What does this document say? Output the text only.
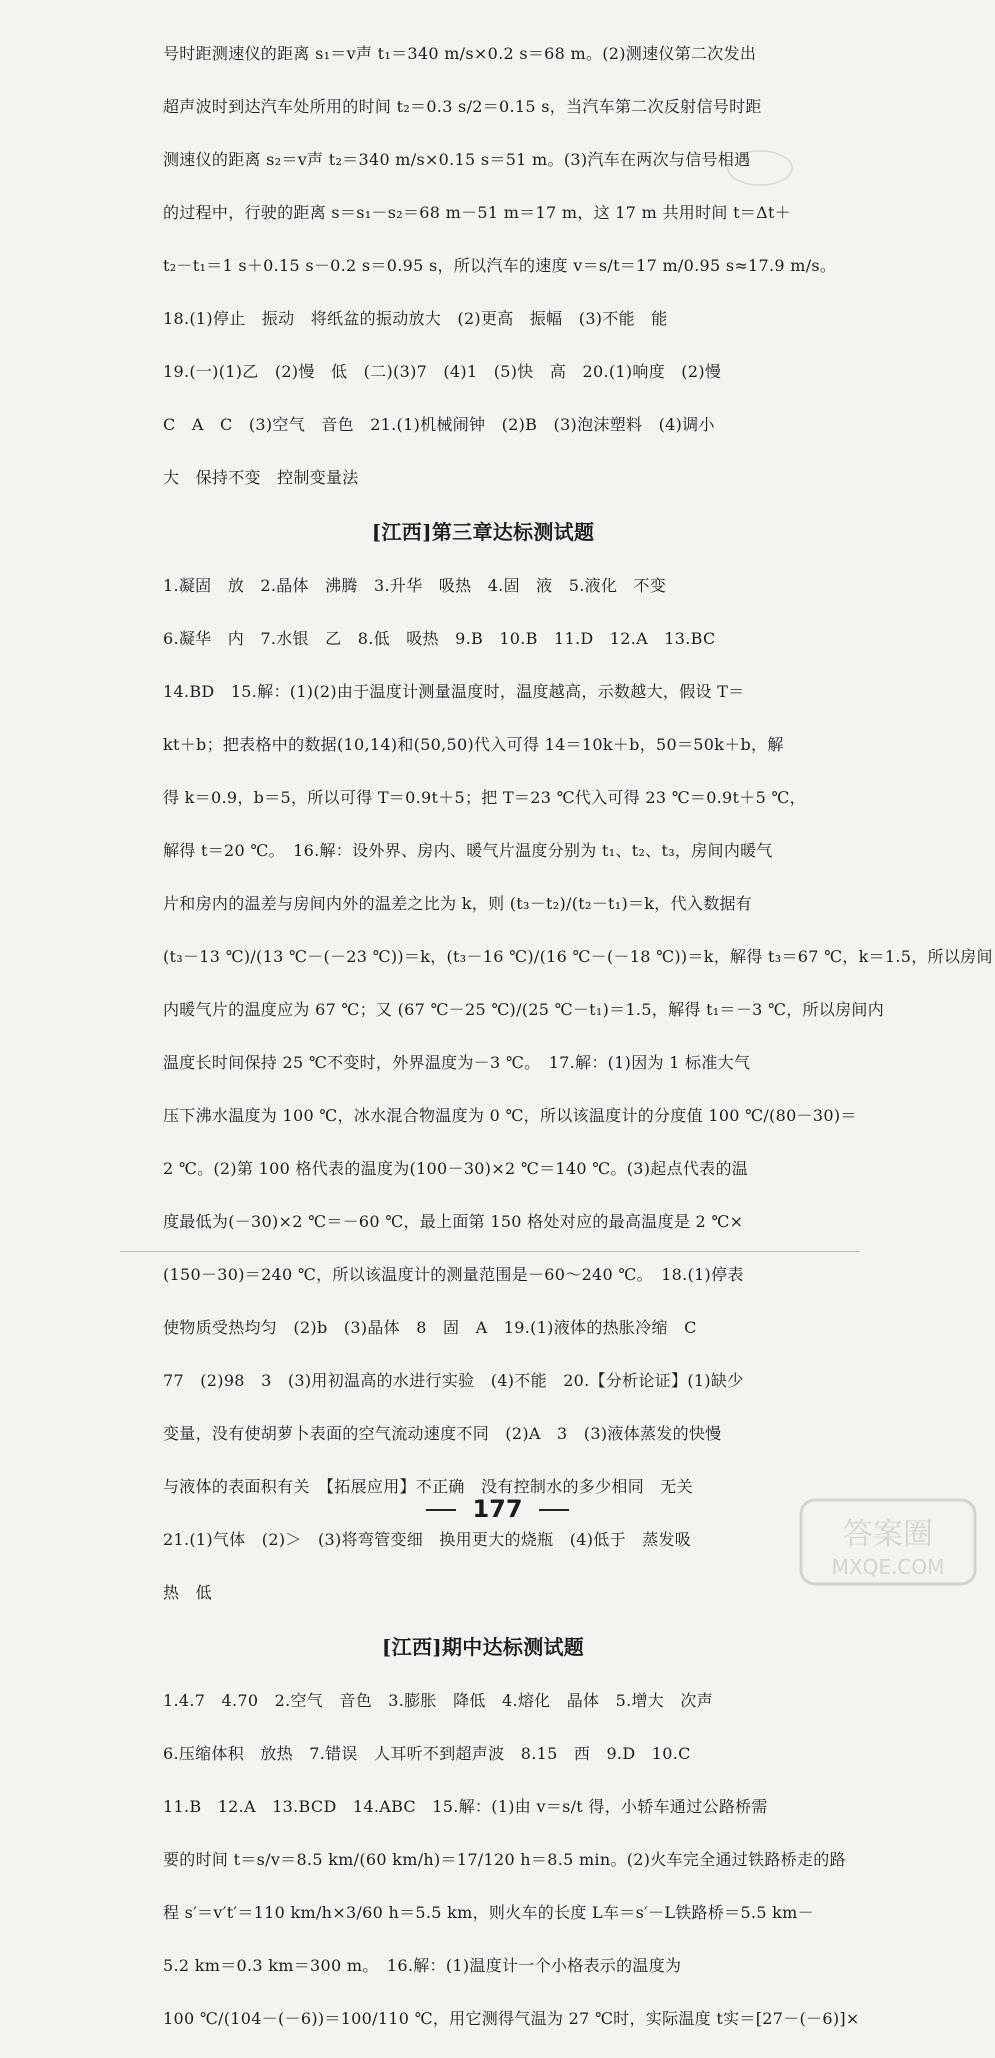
号时距测速仪的距离 s₁＝v声 t₁＝340 m/s×0.2 s＝68 m。(2)测速仪第二次发出
超声波时到达汽车处所用的时间 t₂＝0.3 s/2＝0.15 s，当汽车第二次反射信号时距
测速仪的距离 s₂＝v声 t₂＝340 m/s×0.15 s＝51 m。(3)汽车在两次与信号相遇
的过程中，行驶的距离 s＝s₁－s₂＝68 m－51 m＝17 m，这 17 m 共用时间 t＝Δt＋
t₂－t₁＝1 s＋0.15 s－0.2 s＝0.95 s，所以汽车的速度 v＝s/t＝17 m/0.95 s≈17.9 m/s。
18.(1)停止　振动　将纸盆的振动放大　(2)更高　振幅　(3)不能　能
19.(一)(1)乙　(2)慢　低　(二)(3)7　(4)1　(5)快　高　20.(1)响度　(2)慢
C　A　C　(3)空气　音色　21.(1)机械闹钟　(2)B　(3)泡沫塑料　(4)调小
大　保持不变　控制变量法
[江西]第三章达标测试题
1.凝固　放　2.晶体　沸腾　3.升华　吸热　4.固　液　5.液化　不变
6.凝华　内　7.水银　乙　8.低　吸热　9.B　10.B　11.D　12.A　13.BC
14.BD　15.解：(1)(2)由于温度计测量温度时，温度越高，示数越大，假设 T＝
kt＋b；把表格中的数据(10,14)和(50,50)代入可得 14＝10k＋b，50＝50k＋b，解
得 k＝0.9，b＝5，所以可得 T＝0.9t＋5；把 T＝23 ℃代入可得 23 ℃＝0.9t＋5 ℃，
解得 t＝20 ℃。　16.解：设外界、房内、暖气片温度分别为 t₁、t₂、t₃，房间内暖气
片和房内的温差与房间内外的温差之比为 k，则 (t₃－t₂)/(t₂－t₁)＝k，代入数据有
(t₃－13 ℃)/(13 ℃－(－23 ℃))＝k，(t₃－16 ℃)/(16 ℃－(－18 ℃))＝k，解得 t₃＝67 ℃，k＝1.5，所以房间
内暖气片的温度应为 67 ℃；又 (67 ℃－25 ℃)/(25 ℃－t₁)＝1.5，解得 t₁＝－3 ℃，所以房间内
温度长时间保持 25 ℃不变时，外界温度为－3 ℃。　17.解：(1)因为 1 标准大气
压下沸水温度为 100 ℃，冰水混合物温度为 0 ℃，所以该温度计的分度值 100 ℃/(80－30)＝
2 ℃。(2)第 100 格代表的温度为(100－30)×2 ℃＝140 ℃。(3)起点代表的温
度最低为(－30)×2 ℃＝－60 ℃，最上面第 150 格处对应的最高温度是 2 ℃×
(150－30)＝240 ℃，所以该温度计的测量范围是－60～240 ℃。　18.(1)停表
使物质受热均匀　(2)b　(3)晶体　8　固　A　19.(1)液体的热胀冷缩　C
77　(2)98　3　(3)用初温高的水进行实验　(4)不能　20.【分析论证】(1)缺少
变量，没有使胡萝卜表面的空气流动速度不同　(2)A　3　(3)液体蒸发的快慢
与液体的表面积有关　【拓展应用】不正确　没有控制水的多少相同　无关
21.(1)气体　(2)＞　(3)将弯管变细　换用更大的烧瓶　(4)低于　蒸发吸
热　低
[江西]期中达标测试题
1.4.7　4.70　2.空气　音色　3.膨胀　降低　4.熔化　晶体　5.增大　次声
6.压缩体积　放热　7.错误　人耳听不到超声波　8.15　西　9.D　10.C
11.B　12.A　13.BCD　14.ABC　15.解：(1)由 v＝s/t 得，小轿车通过公路桥需
要的时间 t＝s/v＝8.5 km/(60 km/h)＝17/120 h＝8.5 min。(2)火车完全通过铁路桥走的路
程 s′＝v′t′＝110 km/h×3/60 h＝5.5 km，则火车的长度 L车＝s′－L铁路桥＝5.5 km－
5.2 km＝0.3 km＝300 m。　16.解：(1)温度计一个小格表示的温度为
100 ℃/(104－(－6))＝100/110 ℃，用它测得气温为 27 ℃时，实际温度 t实＝[27－(－6)]×
177
答案圈
MXQE.COM
